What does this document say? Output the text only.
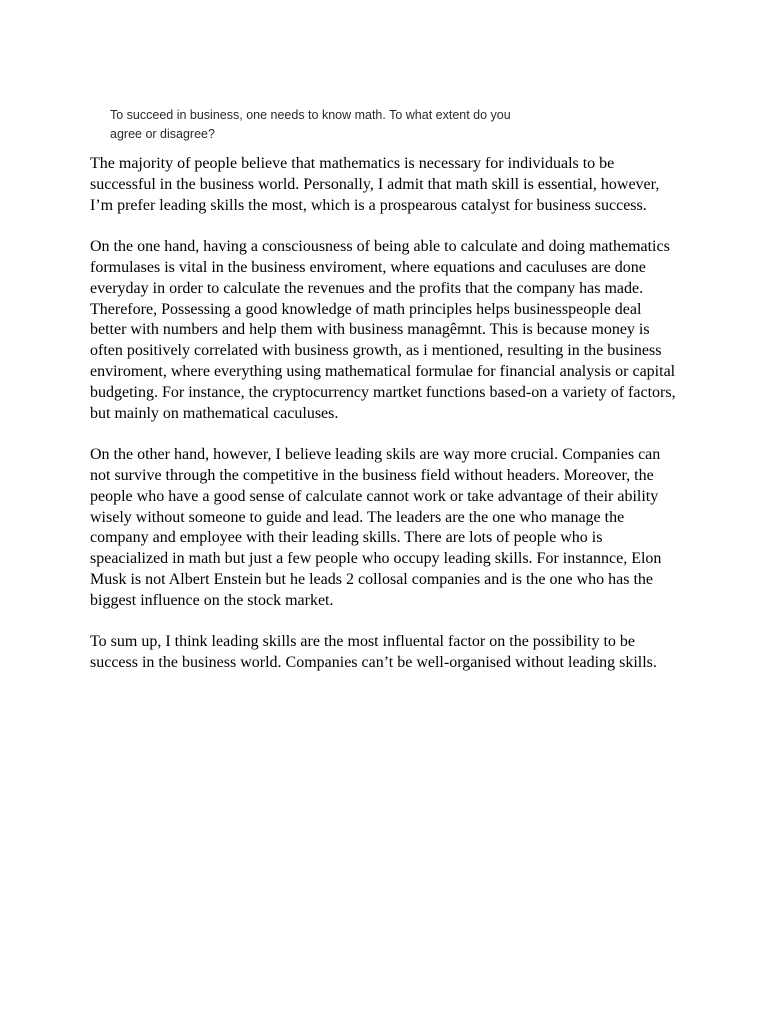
To succeed in business, one needs to know math. To what extent do you agree or disagree?

The majority of people believe that mathematics is necessary for individuals to be successful in the business world. Personally, I admit that math skill is essential, however, I’m prefer leading skills the most, which is a prospearous catalyst for business success.

On the one hand, having a consciousness of being able to calculate and doing mathematics formulases is vital in the business enviroment, where equations and caculuses are done everyday in order to calculate the revenues and the profits that the company has made. Therefore, Possessing a good knowledge of math principles helps businesspeople deal better with numbers and help them with business managêmnt. This is because money is often positively correlated with business growth, as i mentioned, resulting in the business enviroment, where everything using mathematical formulae for financial analysis or capital budgeting. For instance, the cryptocurrency martket functions based-on a variety of factors, but mainly on mathematical caculuses.

On the other hand, however, I believe leading skils are way more crucial. Companies can not survive through the competitive in the business field without headers. Moreover, the people who have a good sense of calculate cannot work or take advantage of their ability wisely without someone to guide and lead. The leaders are the one who manage the company and employee with their leading skills. There are lots of people who is speacialized in math but just a few people who occupy leading skills. For instannce, Elon Musk is not Albert Enstein but he leads 2 collosal companies and is the one who has the biggest influence on the stock market.

To sum up, I think leading skills are the most influental factor on the possibility to be success in the business world. Companies can’t be well-organised without leading skills.
